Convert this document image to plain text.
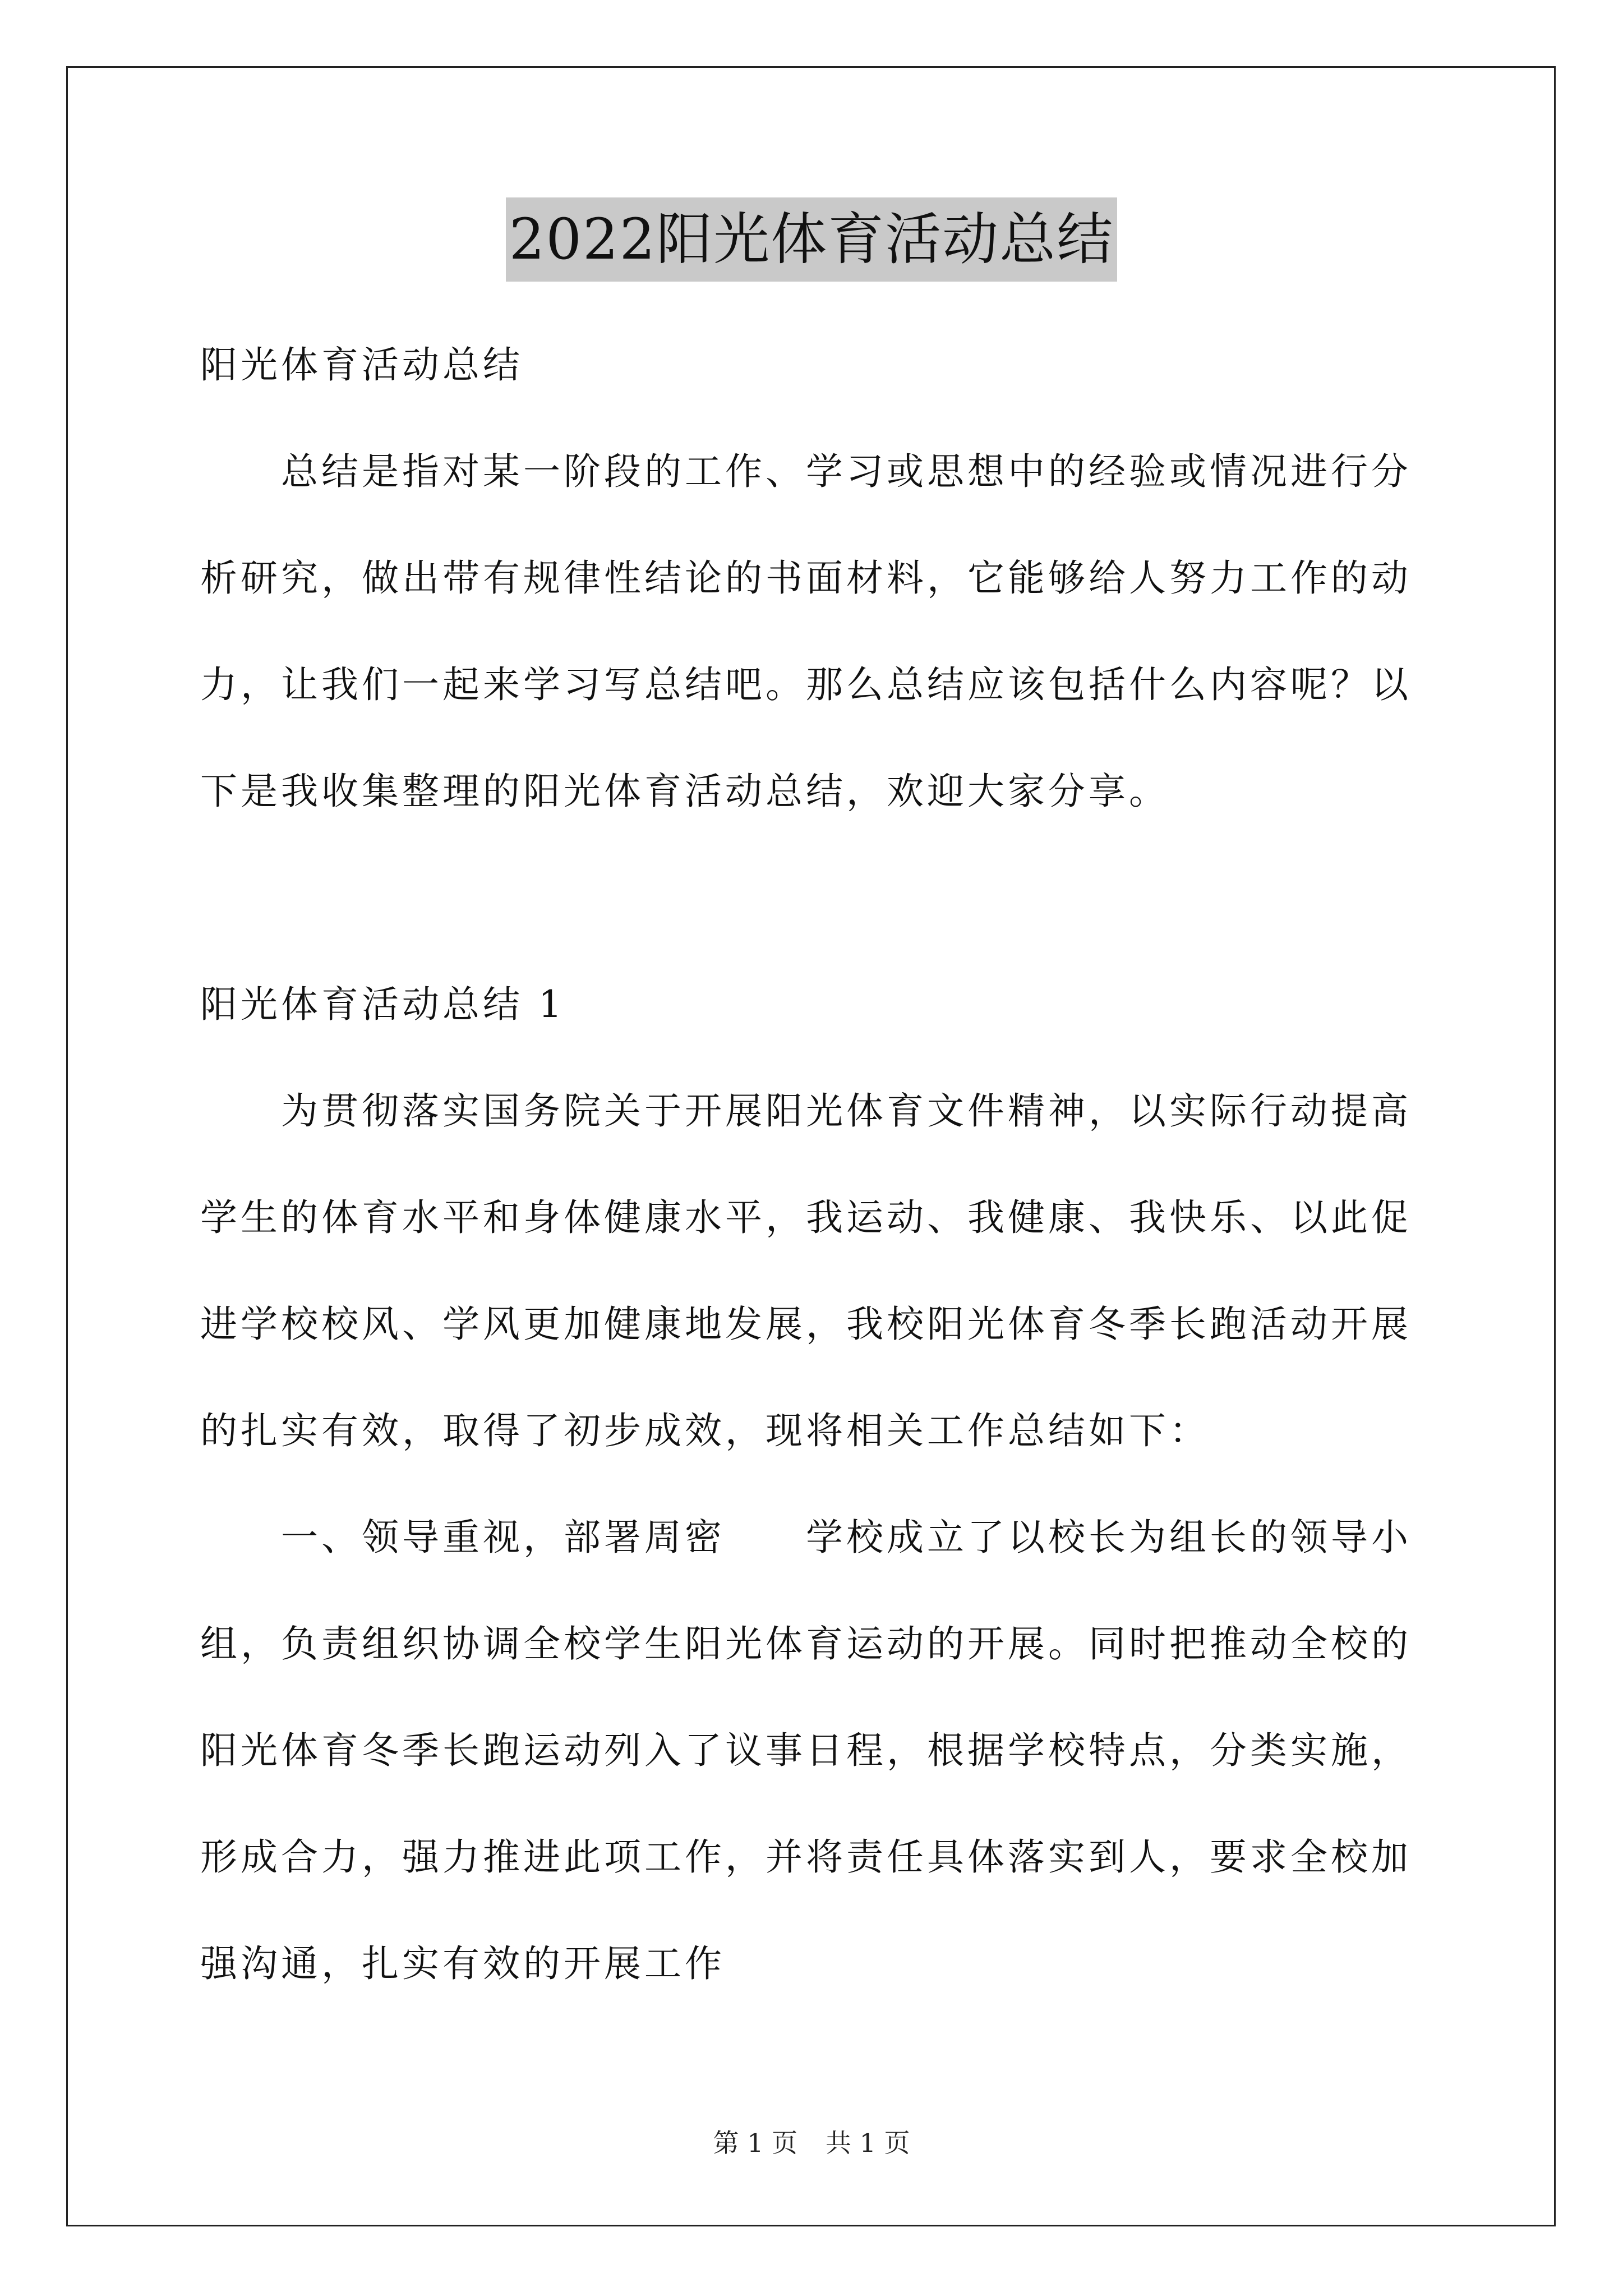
2022阳光体育活动总结
阳光体育活动总结
总结是指对某一阶段的工作、学习或思想中的经验或情况进行分
析研究，做出带有规律性结论的书面材料，它能够给人努力工作的动
力，让我们一起来学习写总结吧。那么总结应该包括什么内容呢？以
下是我收集整理的阳光体育活动总结，欢迎大家分享。
阳光体育活动总结 1
为贯彻落实国务院关于开展阳光体育文件精神，以实际行动提高
学生的体育水平和身体健康水平，我运动、我健康、我快乐、以此促
进学校校风、学风更加健康地发展，我校阳光体育冬季长跑活动开展
的扎实有效，取得了初步成效，现将相关工作总结如下：
一、领导重视，部署周密　　学校成立了以校长为组长的领导小
组，负责组织协调全校学生阳光体育运动的开展。同时把推动全校的
阳光体育冬季长跑运动列入了议事日程，根据学校特点，分类实施，
形成合力，强力推进此项工作，并将责任具体落实到人，要求全校加
强沟通，扎实有效的开展工作
第 1 页 共 1 页
